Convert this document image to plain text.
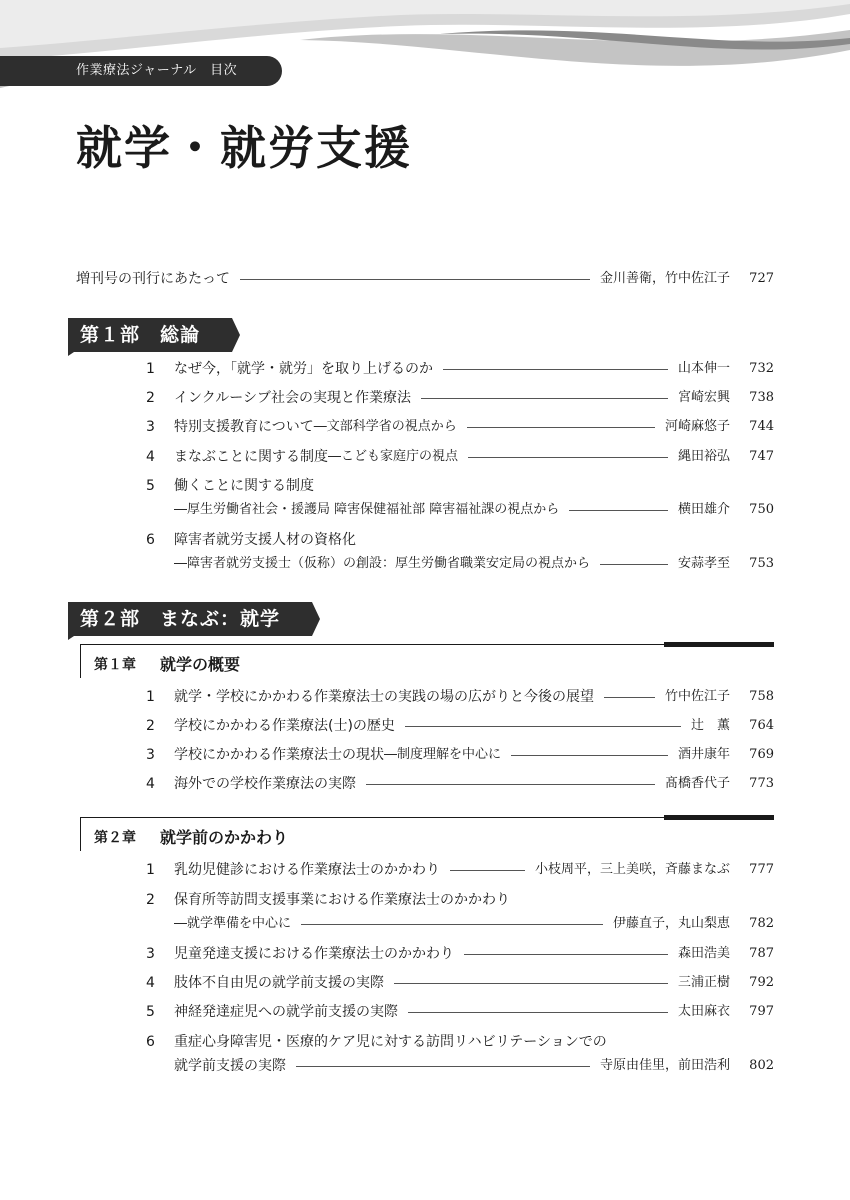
作業療法ジャーナル　目次
就学・就労支援
増刊号の刊行にあたって	金川善衛，竹中佐江子	727
第１部　総論
1	なぜ今，「就学・就労」を取り上げるのか	山本伸一	732
2	インクルーシブ社会の実現と作業療法	宮崎宏興	738
3	特別支援教育について ―文部科学省の視点から	河崎麻悠子	744
4	まなぶことに関する制度 ―こども家庭庁の視点	縄田裕弘	747
5 働くことに関する制度
―厚生労働省社会・援護局 障害保健福祉部 障害福祉課の視点から	横田雄介	750
6 障害者就労支援人材の資格化
―障害者就労支援士（仮称）の創設：厚生労働省職業安定局の視点から	安蒜孝至	753
第２部　まなぶ：就学
第１章 就学の概要
1	就学・学校にかかわる作業療法士の実践の場の広がりと今後の展望	竹中佐江子	758
2	学校にかかわる作業療法(士)の歴史	辻　薫	764
3	学校にかかわる作業療法士の現状 ―制度理解を中心に	酒井康年	769
4	海外での学校作業療法の実際	髙橋香代子	773
第２章 就学前のかかわり
1	乳幼児健診における作業療法士のかかわり	小枝周平，三上美咲，斉藤まなぶ	777
2 保育所等訪問支援事業における作業療法士のかかわり
―就学準備を中心に	伊藤直子，丸山梨恵	782
3	児童発達支援における作業療法士のかかわり	森田浩美	787
4	肢体不自由児の就学前支援の実際	三浦正樹	792
5	神経発達症児への就学前支援の実際	太田麻衣	797
6 重症心身障害児・医療的ケア児に対する訪問リハビリテーションでの
就学前支援の実際	寺原由佳里，前田浩利	802
